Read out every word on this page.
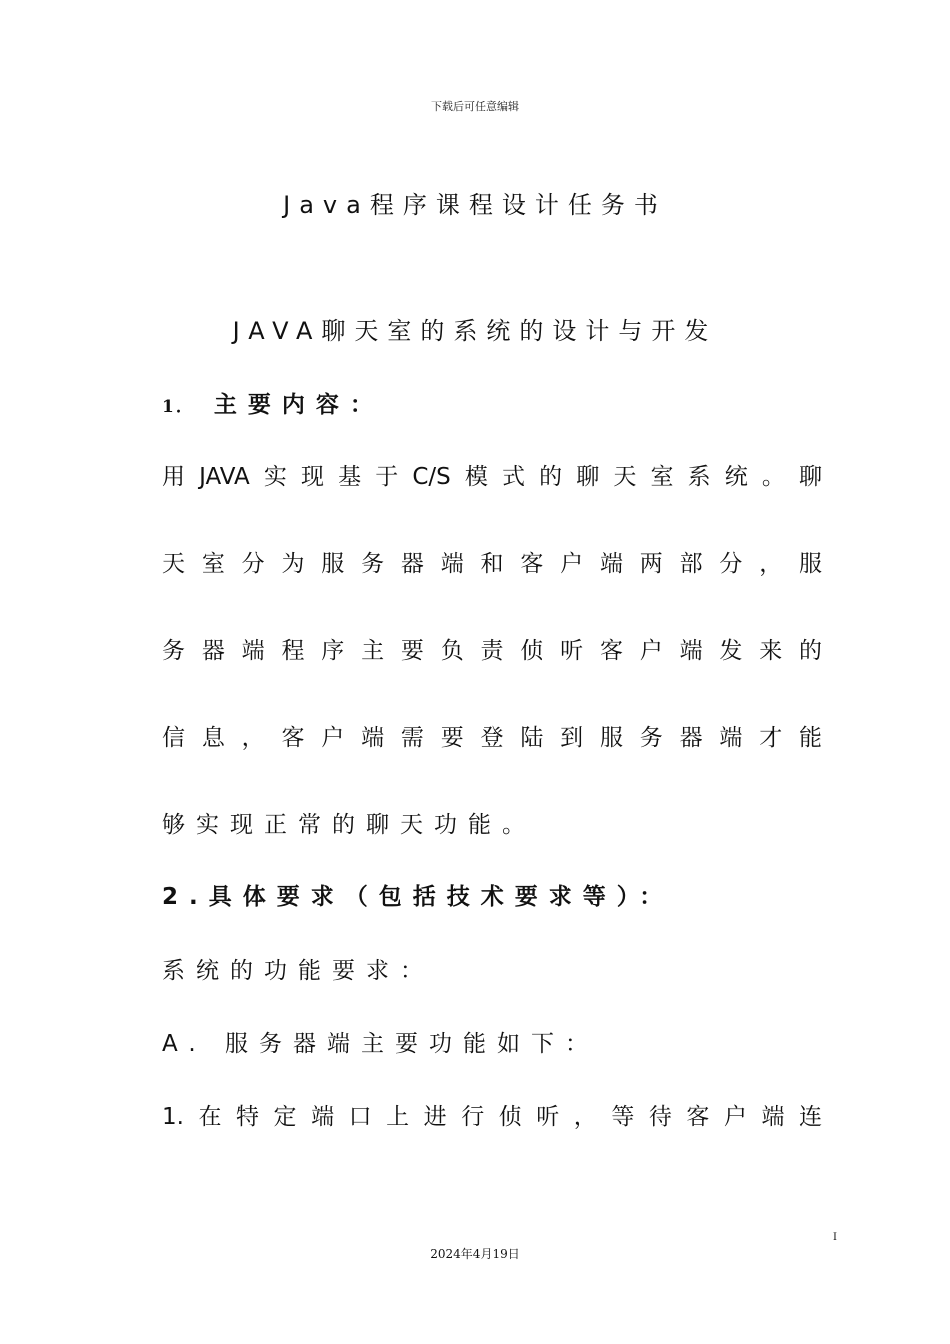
下载后可任意编辑
Java程序课程设计任务书
JAVA聊天室的系统的设计与开发
1． 主要内容：
用JAVA实现基于C/S模式的聊天室系统。聊
天室分为服务器端和客户端两部分，服
务器端程序主要负责侦听客户端发来的
信息，客户端需要登陆到服务器端才能
够实现正常的聊天功能。
2.具体要求（包括技术要求等）：
系统的功能要求：
A. 服务器端主要功能如下：
1.在特定端口上进行侦听，等待客户端连
I
2024年4月19日
